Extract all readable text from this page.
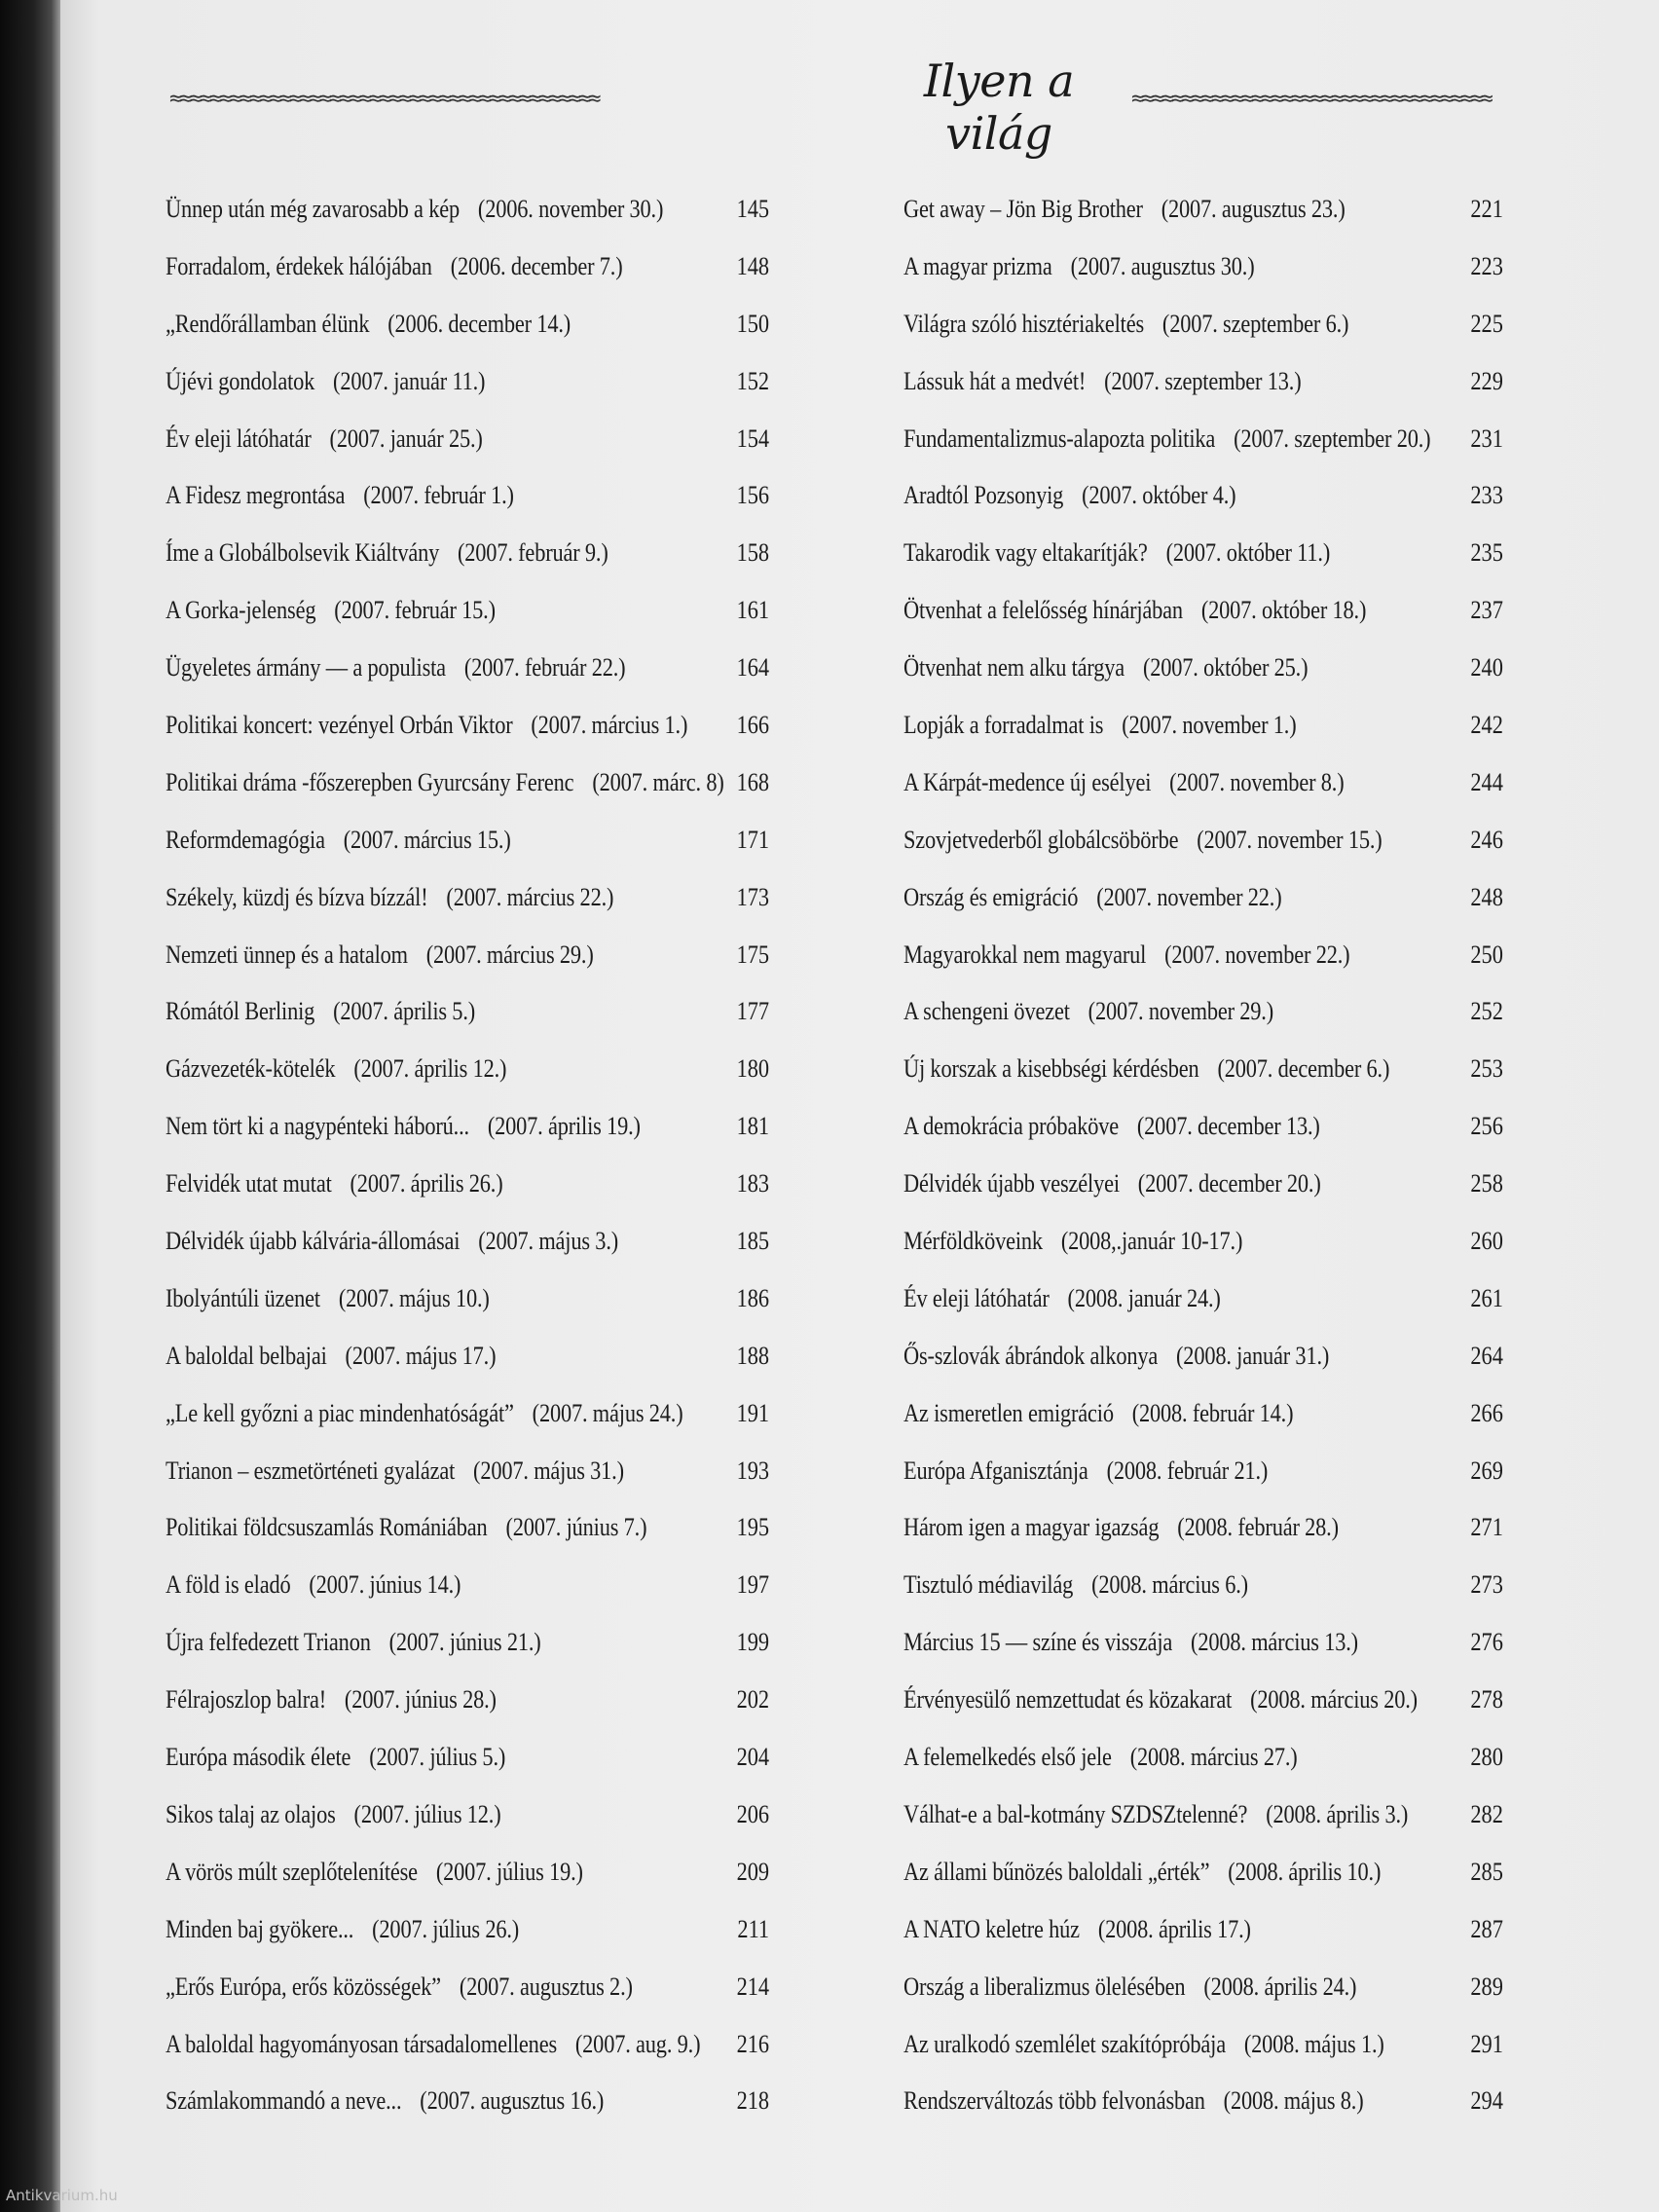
≈≈≈≈≈≈≈≈≈≈≈≈≈≈≈≈≈≈≈≈≈≈≈≈≈≈≈≈≈≈≈≈≈≈≈≈≈≈≈≈≈≈≈	Ilyen a világ
≈≈≈≈≈≈≈≈≈≈≈≈≈≈≈≈≈≈≈≈≈≈≈≈≈≈≈≈≈≈≈≈≈≈≈≈
Ünnep után még zavarosabb a kép (2006. november 30.)	145
Forradalom, érdekek hálójában (2006. december 7.)	148
„Rendőrállamban élünk (2006. december 14.)	150
Újévi gondolatok (2007. január 11.)	152
Év eleji látóhatár (2007. január 25.)	154
A Fidesz megrontása (2007. február 1.)	156
Íme a Globálbolsevik Kiáltvány (2007. február 9.)	158
A Gorka-jelenség (2007. február 15.)	161
Ügyeletes ármány — a populista (2007. február 22.)	164
Politikai koncert: vezényel Orbán Viktor (2007. március 1.) 166
Politikai dráma -főszerepben Gyurcsány Ferenc (2007. márc. 8) 168
Reformdemagógia (2007. március 15.)	171
Székely, küzdj és bízva bízzál! (2007. március 22.)	173
Nemzeti ünnep és a hatalom (2007. március 29.)	175
Rómától Berlinig (2007. április 5.)	177
Gázvezeték-kötelék (2007. április 12.)	180
Nem tört ki a nagypénteki háború... (2007. április 19.)	181
Felvidék utat mutat (2007. április 26.)	183
Délvidék újabb kálvária-állomásai (2007. május 3.)	185
Ibolyántúli üzenet (2007. május 10.)	186
A baloldal belbajai (2007. május 17.)	188
„Le kell győzni a piac mindenhatóságát” (2007. május 24.) 191
Trianon – eszmetörténeti gyalázat (2007. május 31.)	193
Politikai földcsuszamlás Romániában (2007. június 7.)	195
A föld is eladó (2007. június 14.)	197
Újra felfedezett Trianon (2007. június 21.)	199
Félrajoszlop balra! (2007. június 28.)	202
Európa második élete (2007. július 5.)	204
Sikos talaj az olajos (2007. július 12.)	206
A vörös múlt szeplőtelenítése (2007. július 19.)	209
Minden baj gyökere... (2007. július 26.)	211
„Erős Európa, erős közösségek” (2007. augusztus 2.)	214
A baloldal hagyományosan társadalomellenes (2007. aug. 9.) 216
Számlakommandó a neve... (2007. augusztus 16.)	218
Get away – Jön Big Brother (2007. augusztus 23.)	221
A magyar prizma (2007. augusztus 30.)	223
Világra szóló hisztériakeltés (2007. szeptember 6.)	225
Lássuk hát a medvét! (2007. szeptember 13.)	229
Fundamentalizmus-alapozta politika (2007. szeptember 20.) 231
Aradtól Pozsonyig (2007. október 4.)	233
Takarodik vagy eltakarítják? (2007. október 11.)	235
Ötvenhat a felelősség hínárjában (2007. október 18.)	237
Ötvenhat nem alku tárgya (2007. október 25.)	240
Lopják a forradalmat is (2007. november 1.)	242
A Kárpát-medence új esélyei (2007. november 8.)	244
Szovjetvederből globálcsöbörbe (2007. november 15.)	246
Ország és emigráció (2007. november 22.)	248
Magyarokkal nem magyarul (2007. november 22.)	250
A schengeni övezet (2007. november 29.)	252
Új korszak a kisebbségi kérdésben (2007. december 6.)	253
A demokrácia próbaköve (2007. december 13.)	256
Délvidék újabb veszélyei (2007. december 20.)	258
Mérföldköveink (2008,.január 10-17.)	260
Év eleji látóhatár (2008. január 24.)	261
Ős-szlovák ábrándok alkonya (2008. január 31.)	264
Az ismeretlen emigráció (2008. február 14.)	266
Európa Afganisztánja (2008. február 21.)	269
Három igen a magyar igazság (2008. február 28.)	271
Tisztuló médiavilág (2008. március 6.)	273
Március 15 — színe és visszája (2008. március 13.)	276
Érvényesülő nemzettudat és közakarat (2008. március 20.) 278
A felemelkedés első jele (2008. március 27.)	280
Válhat-e a bal-kotmány SZDSZtelenné? (2008. április 3.) 282
Az állami bűnözés baloldali „érték” (2008. április 10.)	285
A NATO keletre húz (2008. április 17.)	287
Ország a liberalizmus ölelésében (2008. április 24.)	289
Az uralkodó szemlélet szakítópróbája (2008. május 1.)	291
Rendszerváltozás több felvonásban (2008. május 8.)	294
Antikvarium.hu
